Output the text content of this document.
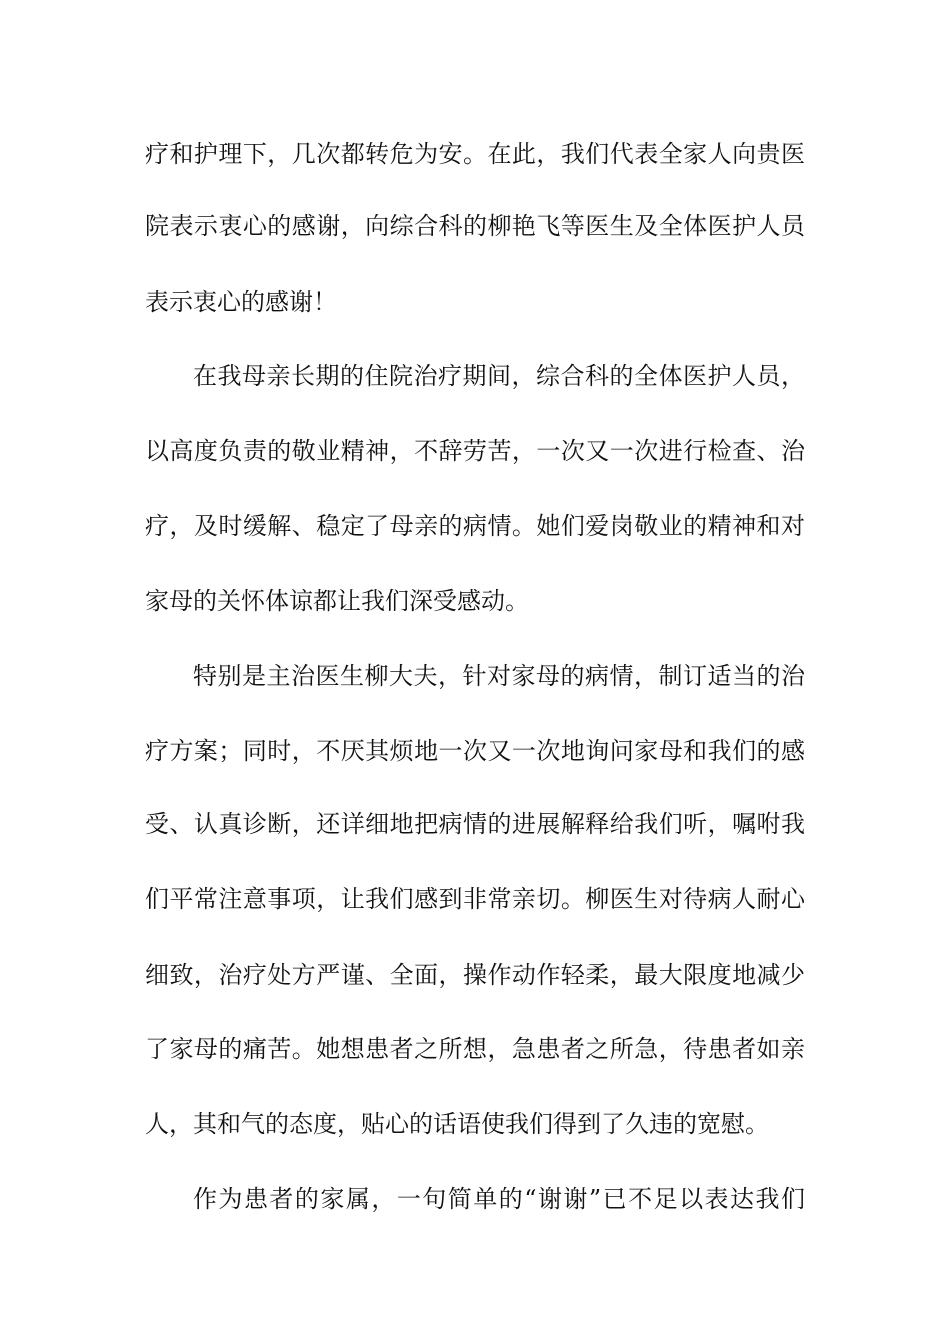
疗和护理下，几次都转危为安。在此，我们代表全家人向贵医
院表示衷心的感谢，向综合科的柳艳飞等医生及全体医护人员
表示衷心的感谢！
在我母亲长期的住院治疗期间，综合科的全体医护人员，
以高度负责的敬业精神，不辞劳苦，一次又一次进行检查、治
疗，及时缓解、稳定了母亲的病情。她们爱岗敬业的精神和对
家母的关怀体谅都让我们深受感动。
特别是主治医生柳大夫，针对家母的病情，制订适当的治
疗方案；同时，不厌其烦地一次又一次地询问家母和我们的感
受、认真诊断，还详细地把病情的进展解释给我们听，嘱咐我
们平常注意事项，让我们感到非常亲切。柳医生对待病人耐心
细致，治疗处方严谨、全面，操作动作轻柔，最大限度地减少
了家母的痛苦。她想患者之所想，急患者之所急，待患者如亲
人，其和气的态度，贴心的话语使我们得到了久违的宽慰。
作为患者的家属，一句简单的“谢谢”已不足以表达我们
